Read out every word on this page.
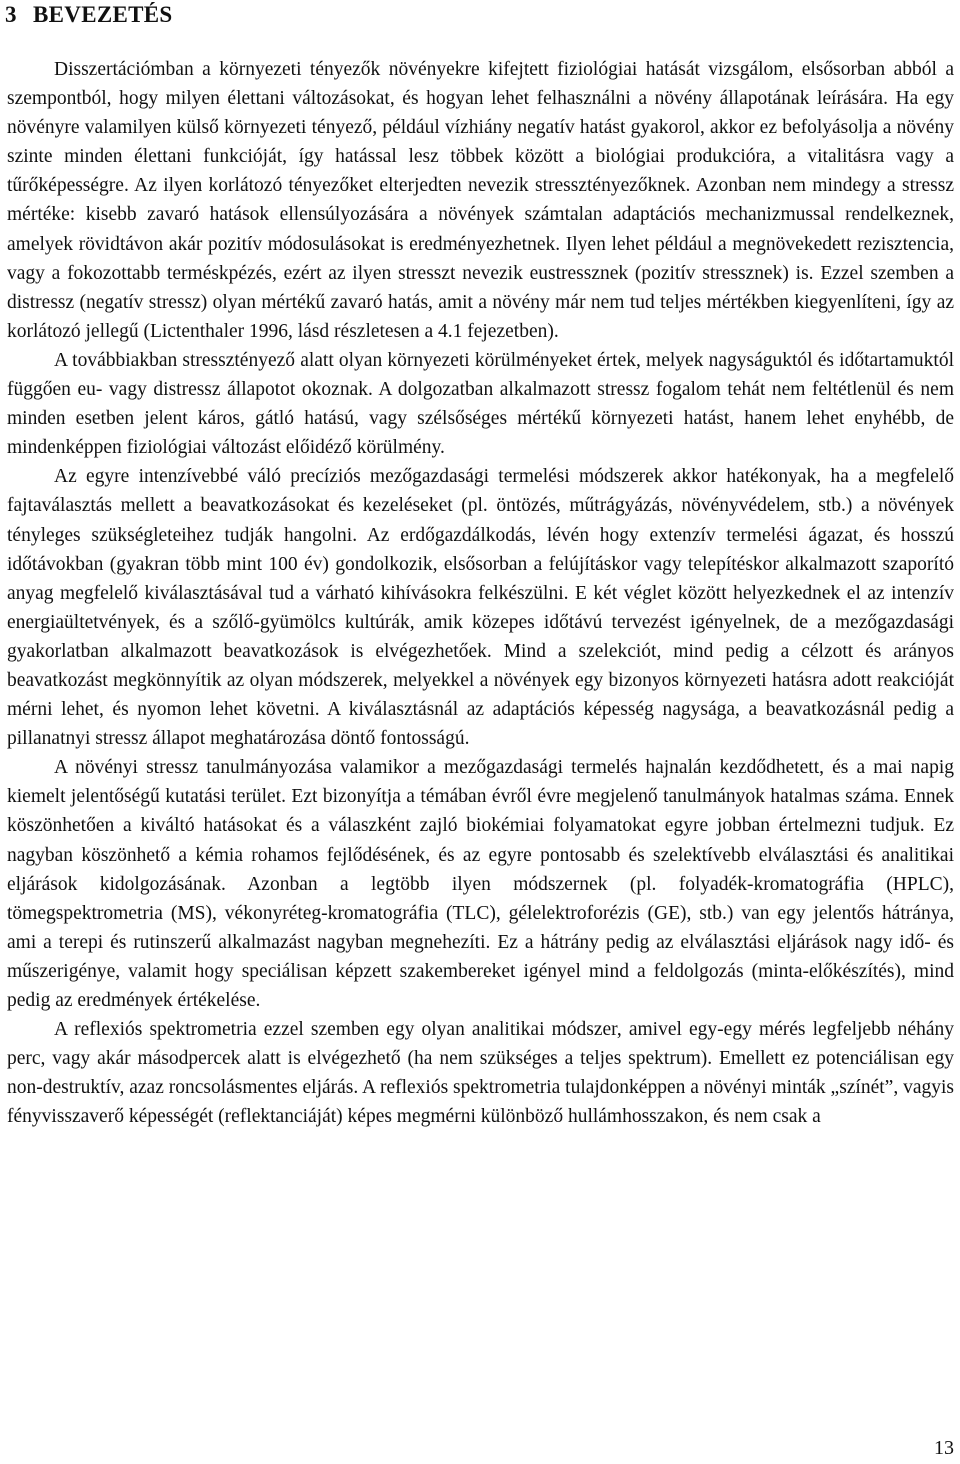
3 BEVEZETÉS

Disszertációmban a környezeti tényezők növényekre kifejtett fiziológiai hatását vizsgálom, elsősorban abból a szempontból, hogy milyen élettani változásokat, és hogyan lehet felhasználni a növény állapotának leírására. Ha egy növényre valamilyen külső környezeti tényező, például vízhiány negatív hatást gyakorol, akkor ez befolyásolja a növény szinte minden élettani funkcióját, így hatással lesz többek között a biológiai produkcióra, a vitalitásra vagy a tűrőképességre. Az ilyen korlátozó tényezőket elterjedten nevezik stressztényezőknek. Azonban nem mindegy a stressz mértéke: kisebb zavaró hatások ellensúlyozására a növények számtalan adaptációs mechanizmussal rendelkeznek, amelyek rövidtávon akár pozitív módosulásokat is eredményezhetnek. Ilyen lehet például a megnövekedett rezisztencia, vagy a fokozottabb terméskpézés, ezért az ilyen stresszt nevezik eustressznek (pozitív stressznek) is. Ezzel szemben a distressz (negatív stressz) olyan mértékű zavaró hatás, amit a növény már nem tud teljes mértékben kiegyenlíteni, így az korlátozó jellegű (Lictenthaler 1996, lásd részletesen a 4.1 fejezetben).

A továbbiakban stressztényező alatt olyan környezeti körülményeket értek, melyek nagyságuktól és időtartamuktól függően eu- vagy distressz állapotot okoznak. A dolgozatban alkalmazott stressz fogalom tehát nem feltétlenül és nem minden esetben jelent káros, gátló hatású, vagy szélsőséges mértékű környezeti hatást, hanem lehet enyhébb, de mindenképpen fiziológiai változást előidéző körülmény.

Az egyre intenzívebbé váló precíziós mezőgazdasági termelési módszerek akkor hatékonyak, ha a megfelelő fajtaválasztás mellett a beavatkozásokat és kezeléseket (pl. öntözés, műtrágyázás, növényvédelem, stb.) a növények tényleges szükségleteihez tudják hangolni. Az erdőgazdálkodás, lévén hogy extenzív termelési ágazat, és hosszú időtávokban (gyakran több mint 100 év) gondolkozik, elsősorban a felújításkor vagy telepítéskor alkalmazott szaporító anyag megfelelő kiválasztásával tud a várható kihívásokra felkészülni. E két véglet között helyezkednek el az intenzív energiaültetvények, és a szőlő-gyümölcs kultúrák, amik közepes időtávú tervezést igényelnek, de a mezőgazdasági gyakorlatban alkalmazott beavatkozások is elvégezhetőek. Mind a szelekciót, mind pedig a célzott és arányos beavatkozást megkönnyítik az olyan módszerek, melyekkel a növények egy bizonyos környezeti hatásra adott reakcióját mérni lehet, és nyomon lehet követni. A kiválasztásnál az adaptációs képesség nagysága, a beavatkozásnál pedig a pillanatnyi stressz állapot meghatározása döntő fontosságú.

A növényi stressz tanulmányozása valamikor a mezőgazdasági termelés hajnalán kezdődhetett, és a mai napig kiemelt jelentőségű kutatási terület. Ezt bizonyítja a témában évről évre megjelenő tanulmányok hatalmas száma. Ennek köszönhetően a kiváltó hatásokat és a válaszként zajló biokémiai folyamatokat egyre jobban értelmezni tudjuk. Ez nagyban köszönhető a kémia rohamos fejlődésének, és az egyre pontosabb és szelektívebb elválasztási és analitikai eljárások kidolgozásának. Azonban a legtöbb ilyen módszernek (pl. folyadék-kromatográfia (HPLC), tömegspektrometria (MS), vékonyréteg-kromatográfia (TLC), gélelektroforézis (GE), stb.) van egy jelentős hátránya, ami a terepi és rutinszerű alkalmazást nagyban megnehezíti. Ez a hátrány pedig az elválasztási eljárások nagy idő- és műszerigénye, valamit hogy speciálisan képzett szakembereket igényel mind a feldolgozás (minta-előkészítés), mind pedig az eredmények értékelése.

A reflexiós spektrometria ezzel szemben egy olyan analitikai módszer, amivel egy-egy mérés legfeljebb néhány perc, vagy akár másodpercek alatt is elvégezhető (ha nem szükséges a teljes spektrum). Emellett ez potenciálisan egy non-destruktív, azaz roncsolásmentes eljárás. A reflexiós spektrometria tulajdonképpen a növényi minták „színét”, vagyis fényvisszaverő képességét (reflektanciáját) képes megmérni különböző hullámhosszakon, és nem csak a

13
